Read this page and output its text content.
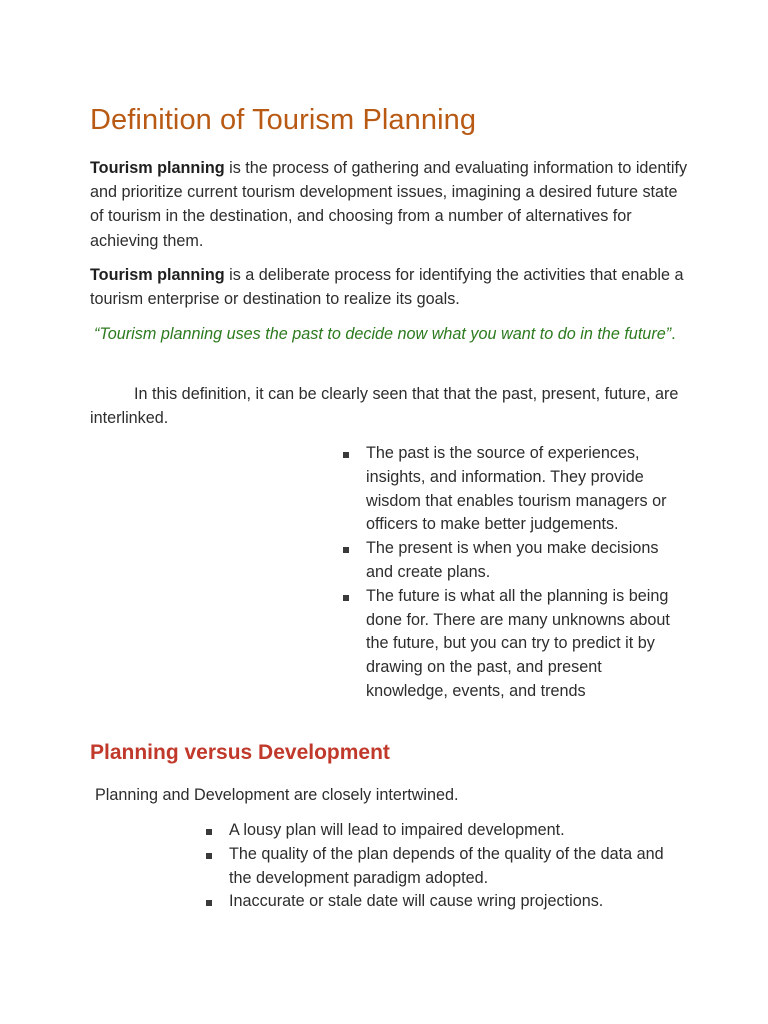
Definition of Tourism Planning

Tourism planning is the process of gathering and evaluating information to identify and prioritize current tourism development issues, imagining a desired future state of tourism in the destination, and choosing from a number of alternatives for achieving them.

Tourism planning is a deliberate process for identifying the activities that enable a tourism enterprise or destination to realize its goals.

“Tourism planning uses the past to decide now what you want to do in the future”.

In this definition, it can be clearly seen that that the past, present, future, are interlinked.

The past is the source of experiences, insights, and information. They provide wisdom that enables tourism managers or officers to make better judgements.
The present is when you make decisions and create plans.
The future is what all the planning is being done for. There are many unknowns about the future, but you can try to predict it by drawing on the past, and present knowledge, events, and trends
Planning versus Development

Planning and Development are closely intertwined.

A lousy plan will lead to impaired development.
The quality of the plan depends of the quality of the data and the development paradigm adopted.
Inaccurate or stale date will cause wring projections.
